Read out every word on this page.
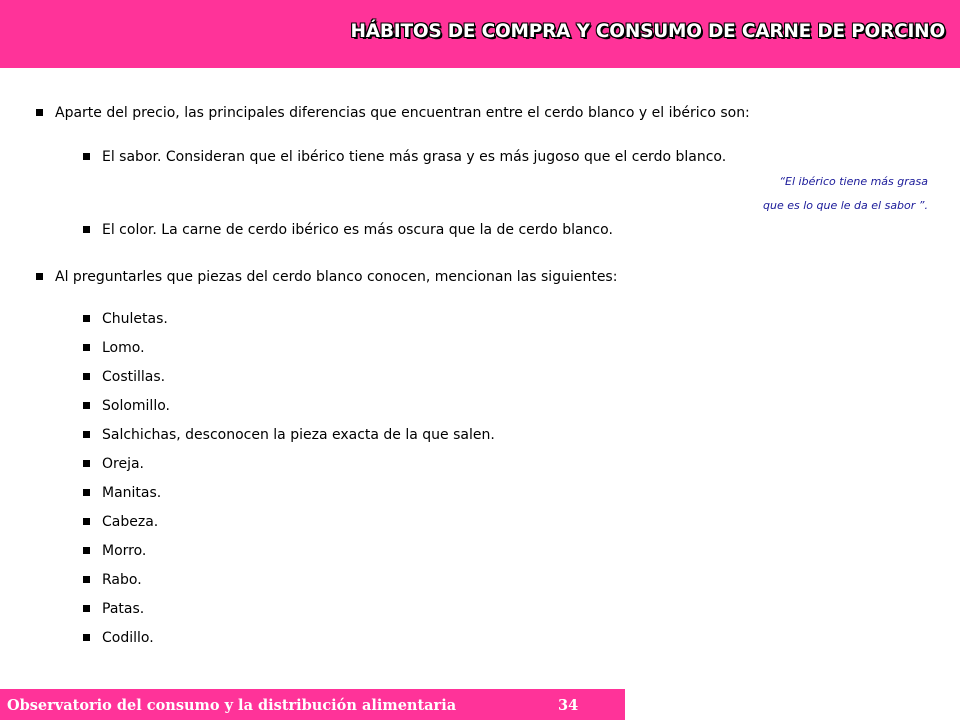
HÁBITOS DE COMPRA Y CONSUMO DE CARNE DE PORCINO
Aparte del precio, las principales diferencias que encuentran entre el cerdo blanco y el ibérico son:
El sabor. Consideran que el ibérico tiene más grasa y es más jugoso que el cerdo blanco.
“El ibérico tiene más grasa
que es lo que le da el sabor ”.
El color. La carne de cerdo ibérico es más oscura que la de cerdo blanco.
Al preguntarles que piezas del cerdo blanco conocen, mencionan las siguientes:
Chuletas.
Lomo.
Costillas.
Solomillo.
Salchichas, desconocen la pieza exacta de la que salen.
Oreja.
Manitas.
Cabeza.
Morro.
Rabo.
Patas.
Codillo.
Observatorio del consumo y la distribución alimentaria	34
